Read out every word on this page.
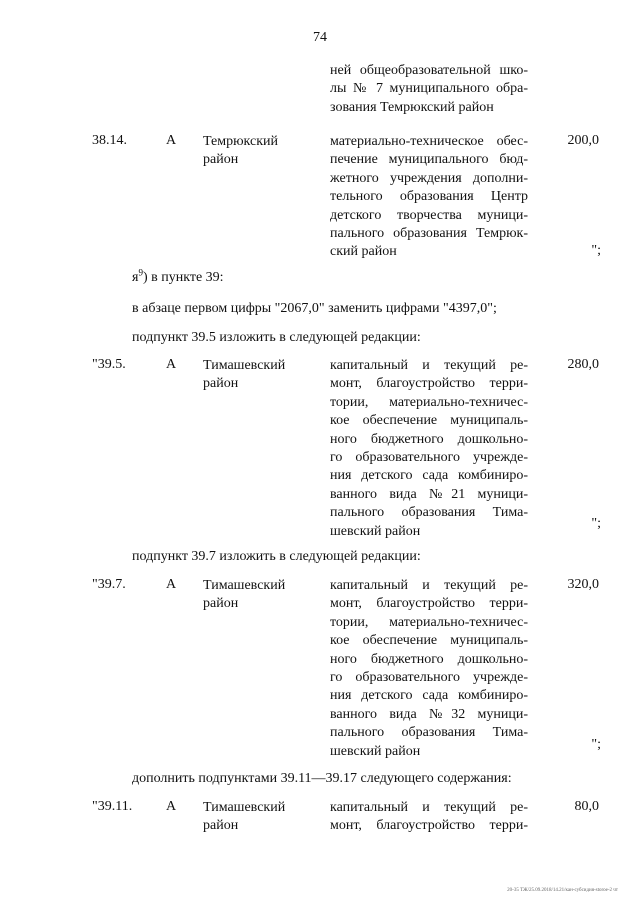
74
ней общеобразовательной шко-
лы № 7 муниципального обра-
зования Темрюкский район
38.14.	А Темрюкский район
материально-техническое обес-
печение муниципального бюд-
жетного учреждения дополни-
тельного образования Центр
детского творчества муници-
пального образования Темрюк-
ский район
200,0
";
$я^9$) в пункте 39:
в абзаце первом цифры "2067,0" заменить цифрами "4397,0";
подпункт 39.5 изложить в следующей редакции:
"39.5.	А Тимашевский район
капитальный и текущий ре-
монт, благоустройство терри-
тории, материально-техничес-
кое обеспечение муниципаль-
ного бюджетного дошкольно-
го образовательного учрежде-
ния детского сада комбиниро-
ванного вида №21 муници-
пального образования Тима-
шевский район
280,0
";
подпункт 39.7 изложить в следующей редакции:
"39.7.	А Тимашевский район
капитальный и текущий ре-
монт, благоустройство терри-
тории, материально-техничес-
кое обеспечение муниципаль-
ного бюджетного дошкольно-
го образовательного учрежде-
ния детского сада комбиниро-
ванного вида №32 муници-
пального образования Тима-
шевский район
320,0
";
дополнить подпунктами 39.11—39.17 следующего содержания:
"39.11. А Тимашевский район
капитальный и текущий ре-
монт, благоустройство терри-
80,0
20-35 ТЖ/25.09.2018/14.21/кан-субсидия-storoe-2 чт
